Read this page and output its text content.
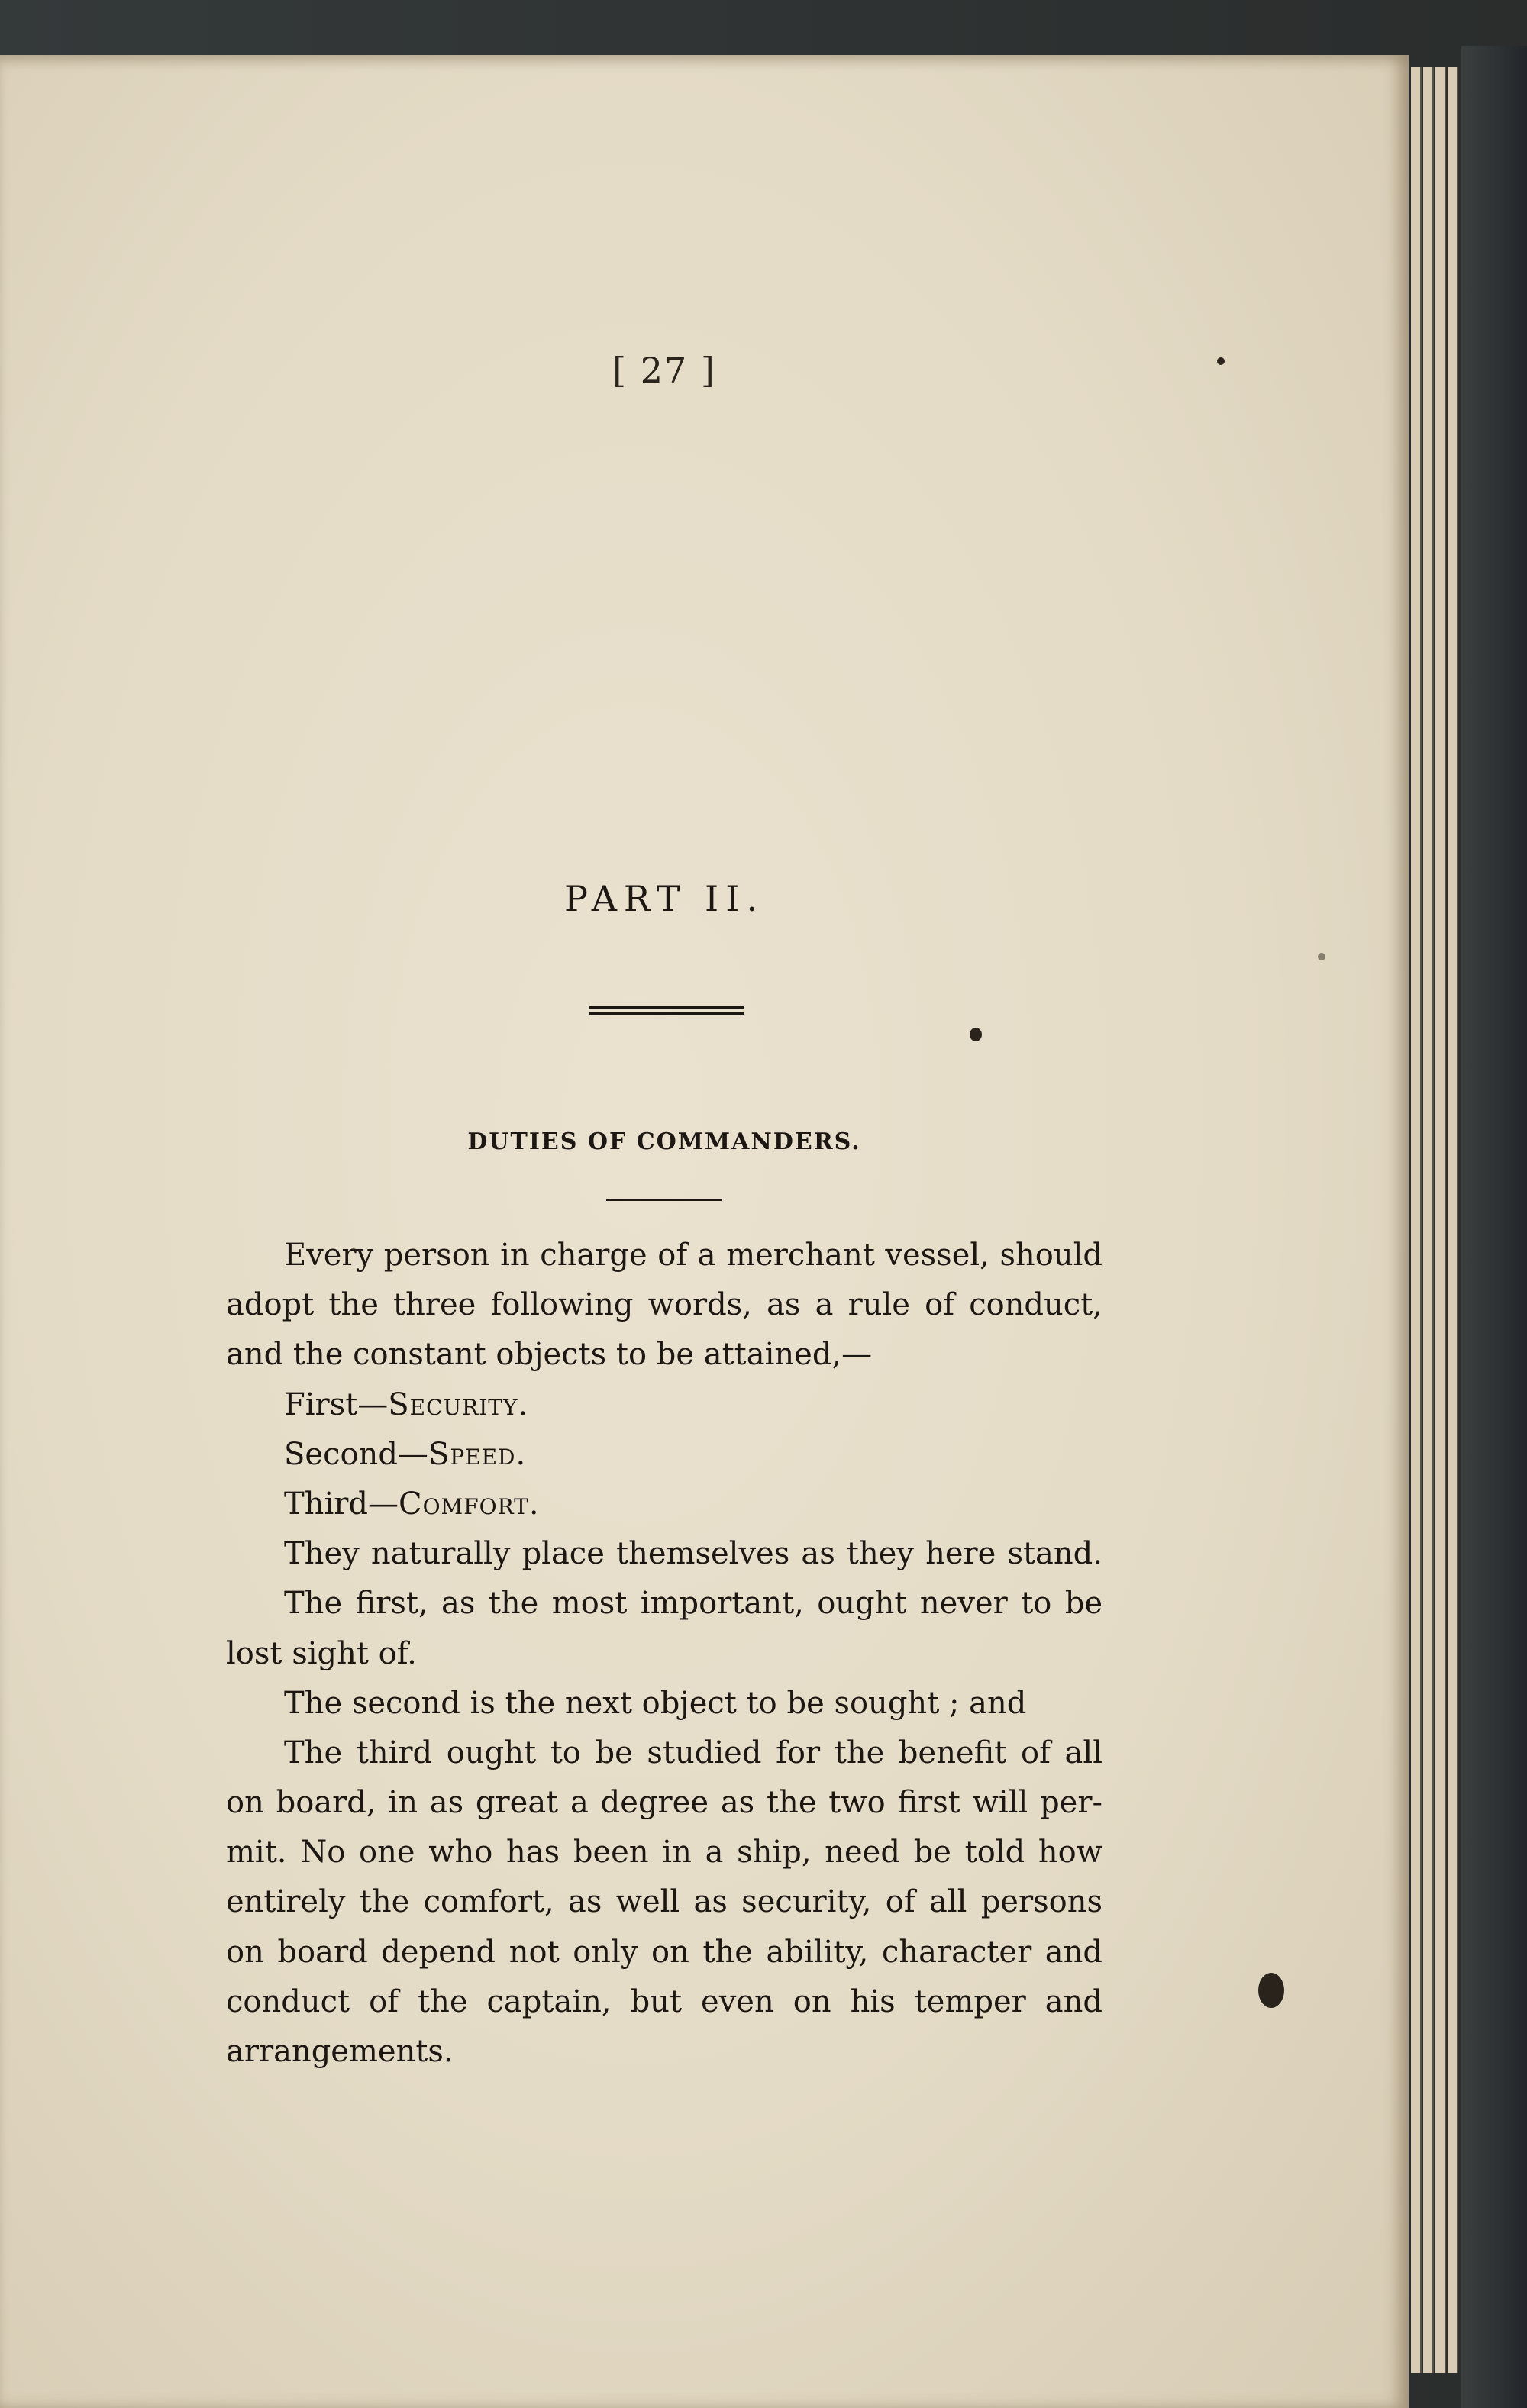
[ 27 ]
PART II.
DUTIES OF COMMANDERS.
Every person in charge of a merchant vessel, should
adopt the three following words, as a rule of conduct,
and the constant objects to be attained,—
First—Security.
Second—Speed.
Third—Comfort.
They naturally place themselves as they here stand.
The first, as the most important, ought never to be
lost sight of.
The second is the next object to be sought ; and
The third ought to be studied for the benefit of all
on board, in as great a degree as the two first will per-
mit. No one who has been in a ship, need be told how
entirely the comfort, as well as security, of all persons
on board depend not only on the ability, character and
conduct of the captain, but even on his temper and
arrangements.
